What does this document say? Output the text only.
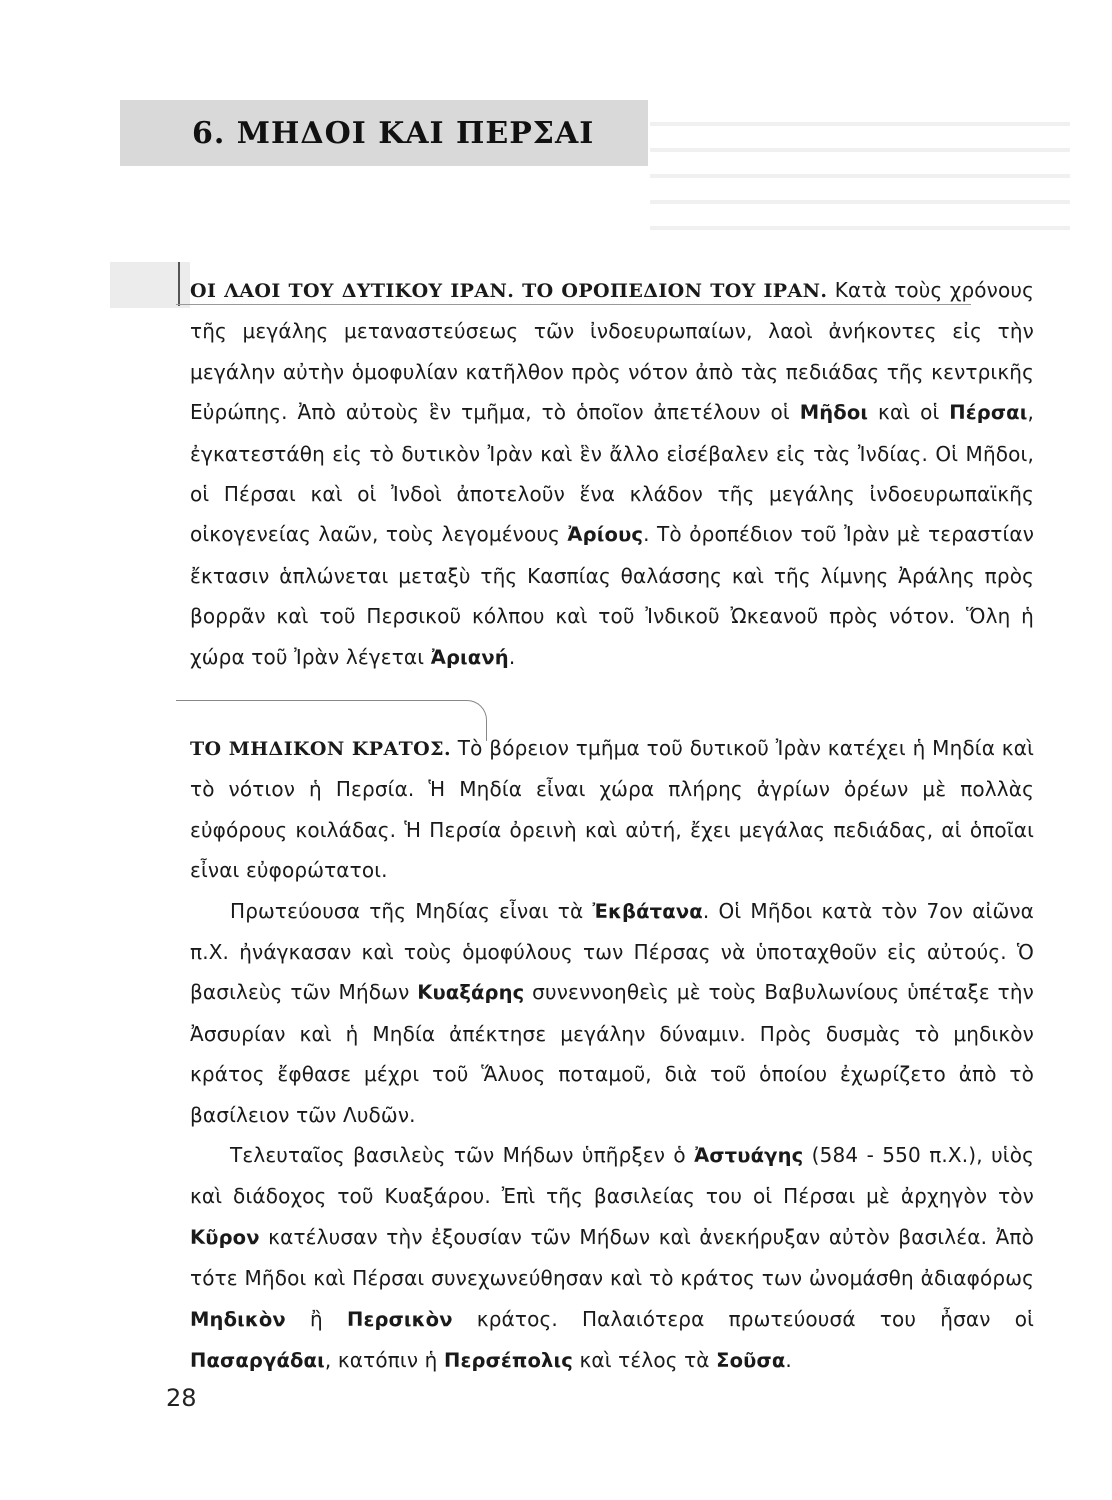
6. ΜΗΔΟΙ ΚΑΙ ΠΕΡΣΑΙ

ΟΙ ΛΑΟΙ ΤΟΥ ΔΥΤΙΚΟΥ ΙΡΑΝ. ΤΟ ΟΡΟΠΕΔΙΟΝ ΤΟΥ ΙΡΑΝ. Κατὰ τοὺς χρόνους τῆς μεγάλης μεταναστεύσεως τῶν ἰνδοευρωπαίων, λαοὶ ἀνήκοντες εἰς τὴν μεγάλην αὐτὴν ὁμοφυλίαν κατῆλθον πρὸς νότον ἀπὸ τὰς πεδιάδας τῆς κεντρικῆς Εὐρώπης. Ἀπὸ αὐτοὺς ἓν τμῆμα, τὸ ὁποῖον ἀπετέλουν οἱ Μῆδοι καὶ οἱ Πέρσαι, ἐγκατεστάθη εἰς τὸ δυτικὸν Ἰρὰν καὶ ἓν ἄλλο εἰσέβαλεν εἰς τὰς Ἰνδίας. Οἱ Μῆδοι, οἱ Πέρσαι καὶ οἱ Ἰνδοὶ ἀποτελοῦν ἕνα κλάδον τῆς μεγάλης ἰνδοευρωπαϊκῆς οἰκογενείας λαῶν, τοὺς λεγομένους Ἀρίους. Τὸ ὀροπέδιον τοῦ Ἰρὰν μὲ τεραστίαν ἔκτασιν ἁπλώνεται μεταξὺ τῆς Κασπίας θαλάσσης καὶ τῆς λίμνης Ἀράλης πρὸς βορρᾶν καὶ τοῦ Περσικοῦ κόλπου καὶ τοῦ Ἰνδικοῦ Ὠκεανοῦ πρὸς νότον. Ὅλη ἡ χώρα τοῦ Ἰρὰν λέγεται Ἀριανή.

ΤΟ ΜΗΔΙΚΟΝ ΚΡΑΤΟΣ. Τὸ βόρειον τμῆμα τοῦ δυτικοῦ Ἰρὰν κατέχει ἡ Μηδία καὶ τὸ νότιον ἡ Περσία. Ἡ Μηδία εἶναι χώρα πλήρης ἀγρίων ὀρέων μὲ πολλὰς εὐφόρους κοιλάδας. Ἡ Περσία ὀρεινὴ καὶ αὐτή, ἔχει μεγάλας πεδιάδας, αἱ ὁποῖαι εἶναι εὐφορώτατοι.

Πρωτεύουσα τῆς Μηδίας εἶναι τὰ Ἐκβάτανα. Οἱ Μῆδοι κατὰ τὸν 7ον αἰῶνα π.Χ. ἠνάγκασαν καὶ τοὺς ὁμοφύλους των Πέρσας νὰ ὑποταχθοῦν εἰς αὐτούς. Ὁ βασιλεὺς τῶν Μήδων Κυαξάρης συνεννοηθεὶς μὲ τοὺς Βαβυλωνίους ὑπέταξε τὴν Ἀσσυρίαν καὶ ἡ Μηδία ἀπέκτησε μεγάλην δύναμιν. Πρὸς δυσμὰς τὸ μηδικὸν κράτος ἔφθασε μέχρι τοῦ Ἅλυος ποταμοῦ, διὰ τοῦ ὁποίου ἐχωρίζετο ἀπὸ τὸ βασίλειον τῶν Λυδῶν.

Τελευταῖος βασιλεὺς τῶν Μήδων ὑπῆρξεν ὁ Ἀστυάγης (584 - 550 π.Χ.), υἱὸς καὶ διάδοχος τοῦ Κυαξάρου. Ἐπὶ τῆς βασιλείας του οἱ Πέρσαι μὲ ἀρχηγὸν τὸν Κῦρον κατέλυσαν τὴν ἐξουσίαν τῶν Μήδων καὶ ἀνεκήρυξαν αὐτὸν βασιλέα. Ἀπὸ τότε Μῆδοι καὶ Πέρσαι συνεχωνεύθησαν καὶ τὸ κράτος των ὠνομάσθη ἀδιαφόρως Μηδικὸν ἢ Περσικὸν κράτος. Παλαιότερα πρωτεύουσά του ἦσαν οἱ Πασαργάδαι, κατόπιν ἡ Περσέπολις καὶ τέλος τὰ Σοῦσα.

28
